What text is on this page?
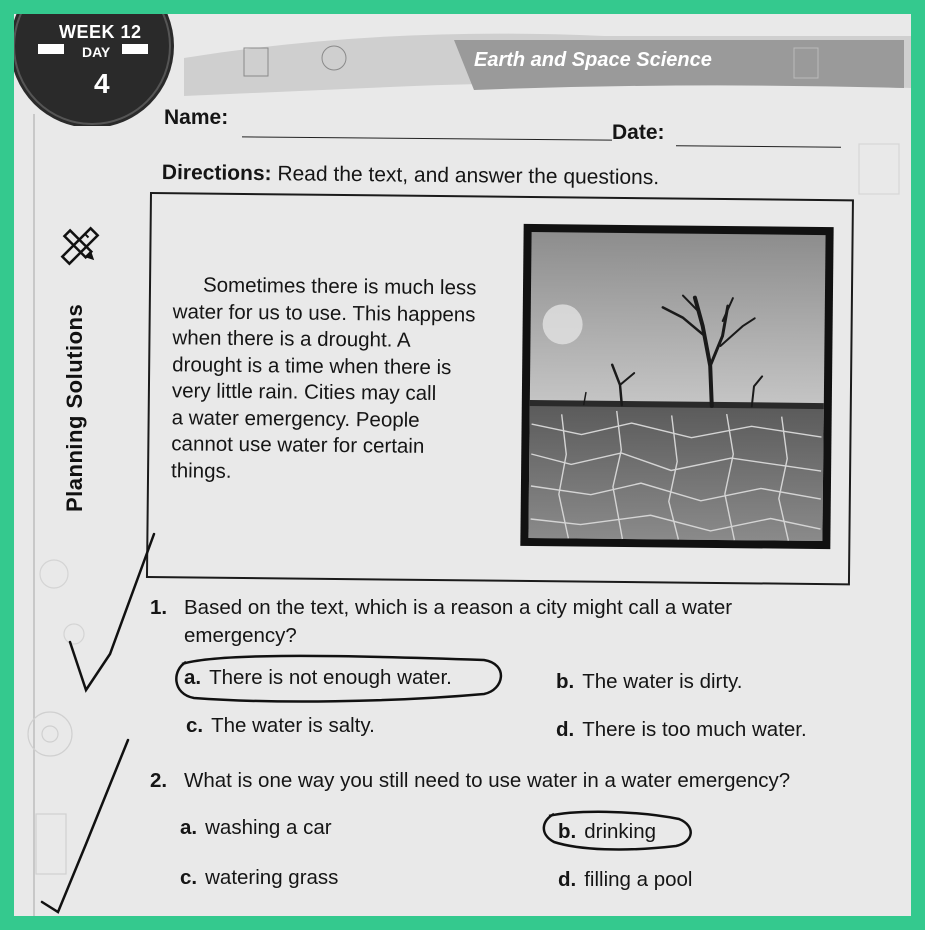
Earth and Space Science
WEEK 12
DAY
4
Planning Solutions
Name:
Date:
Directions: Read the text, and answer the questions.
Sometimes there is much less
water for us to use. This happens
when there is a drought. A
drought is a time when there is
very little rain. Cities may call
a water emergency. People
cannot use water for certain
things.
1. Based on the text, which is a reason a city might call a water emergency?
a. There is not enough water.	b. The water is dirty.
c. The water is salty.	d. There is too much water.
2. What is one way you still need to use water in a water emergency?
a. washing a car	b. drinking
c. watering grass	d. filling a pool
